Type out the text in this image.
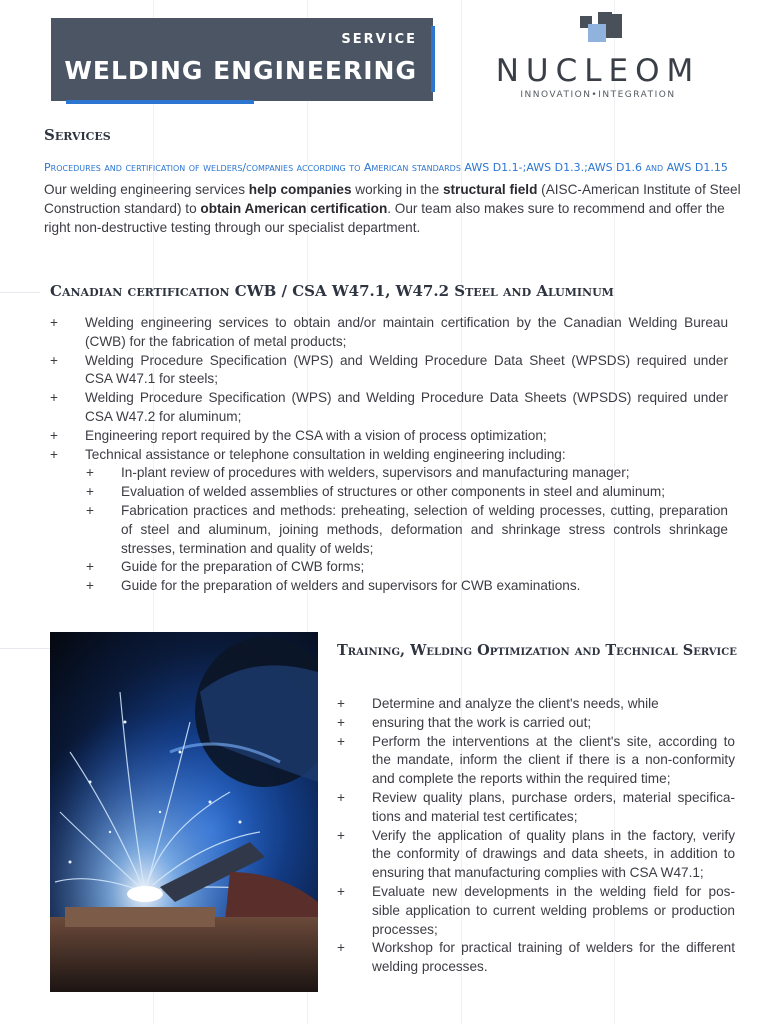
SERVICE
WELDING ENGINEERING	NUCLEOM
INNOVATION•INTEGRATION
Services
Procedures and certification of welders/companies according to American standards AWS D1.1-;AWS D1.3.;AWS D1.6 and AWS D1.15
Our welding engineering services help companies working in the structural field (AISC-American Institute of Steel Construction standard) to obtain American certification. Our team also makes sure to recommend and offer the right non-destructive testing through our specialist department.
Canadian certification CWB / CSA W47.1, W47.2 Steel and Aluminum
+ Welding engineering services to obtain and/or maintain certification by the Canadian Welding Bureau (CWB) for the fabrication of metal products;
+ Welding Procedure Specification (WPS) and Welding Procedure Data Sheet (WPSDS) required under CSA W47.1 for steels;
+ Welding Procedure Specification (WPS) and Welding Procedure Data Sheets (WPSDS) required under CSA W47.2 for aluminum;
+ Engineering report required by the CSA with a vision of process optimization;
+ Technical assistance or telephone consultation in welding engineering including:
+ In-plant review of procedures with welders, supervisors and manufacturing manager;
+ Evaluation of welded assemblies of structures or other components in steel and aluminum;
+ Fabrication practices and methods: preheating, selection of welding processes, cutting, preparation of steel and aluminum, joining methods, deformation and shrinkage stress controls shrinkage stresses, termination and quality of welds;
+ Guide for the preparation of CWB forms;
+ Guide for the preparation of welders and supervisors for CWB examinations.
Training, Welding Optimization and Technical Service
+ Determine and analyze the client's needs, while
+ ensuring that the work is carried out;
+ Perform the interventions at the client's site, according to the mandate, inform the client if there is a non-conformity and complete the reports within the required time;
+ Review quality plans, purchase orders, material specifica-tions and material test certificates;
+ Verify the application of quality plans in the factory, verify the conformity of drawings and data sheets, in addition to ensuring that manufacturing complies with CSA W47.1;
+ Evaluate new developments in the welding field for pos-sible application to current welding problems or production processes;
+ Workshop for practical training of welders for the different welding processes.
